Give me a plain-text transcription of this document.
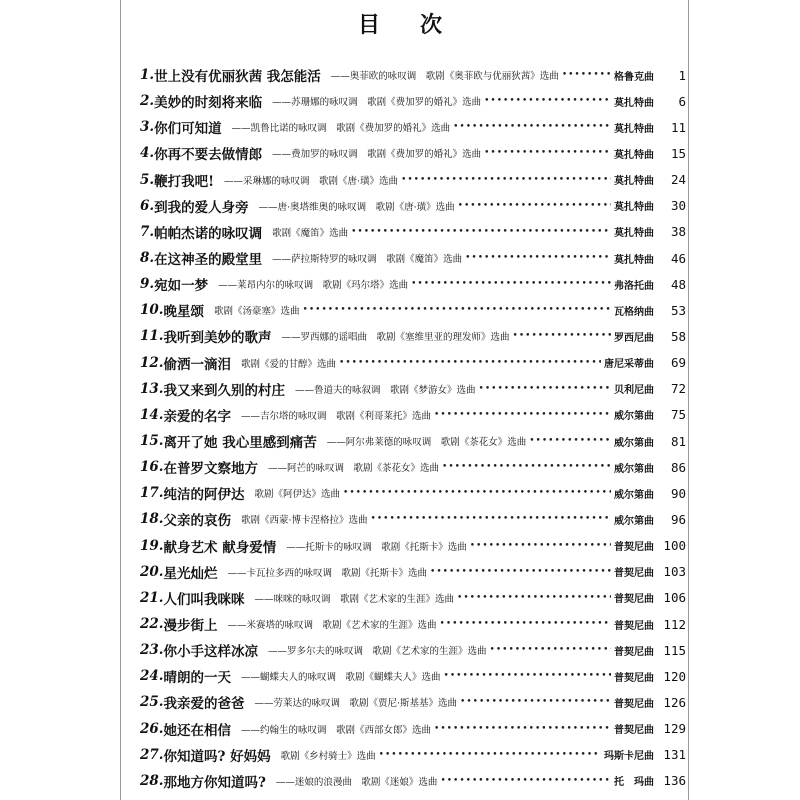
目次
1. 世上没有优丽狄茜 我怎能活 ——奥菲欧的咏叹调　歌剧《奥菲欧与优丽狄茜》选曲 •••••	格鲁克曲	1
2. 美妙的时刻将来临 ——苏珊娜的咏叹调　歌剧《费加罗的婚礼》选曲 •••••	莫扎特曲	6
3. 你们可知道 ——凯鲁比诺的咏叹调　歌剧《费加罗的婚礼》选曲 •••••	莫扎特曲	11
4. 你再不要去做情郎 ——费加罗的咏叹调　歌剧《费加罗的婚礼》选曲 •••••	莫扎特曲	15
5. 鞭打我吧! ——采琳娜的咏叹调　歌剧《唐·璜》选曲 •••••	莫扎特曲	24
6. 到我的爱人身旁 ——唐·奥塔维奥的咏叹调　歌剧《唐·璜》选曲 •••••	莫扎特曲	30
7. 帕帕杰诺的咏叹调 歌剧《魔笛》选曲 •••••	莫扎特曲	38
8. 在这神圣的殿堂里 ——萨拉斯特罗的咏叹调　歌剧《魔笛》选曲 •••••	莫扎特曲	46
9. 宛如一梦 ——莱昂内尔的咏叹调　歌剧《玛尔塔》选曲 •••••	弗洛托曲	48
10. 晚星颂 歌剧《汤豪塞》选曲 •••••	瓦格纳曲	53
11. 我听到美妙的歌声 ——罗西娜的谣唱曲　歌剧《塞维里亚的理发师》选曲 •••••	罗西尼曲	58
12. 偷洒一滴泪 歌剧《爱的甘醇》选曲 •••••	唐尼采蒂曲	69
13. 我又来到久别的村庄 ——鲁道夫的咏叙调　歌剧《梦游女》选曲 •••••	贝利尼曲	72
14. 亲爱的名字 ——吉尔塔的咏叹调　歌剧《利哥莱托》选曲 •••••	威尔第曲	75
15. 离开了她 我心里感到痛苦 ——阿尔弗莱德的咏叹调　歌剧《茶花女》选曲 •••••	威尔第曲	81
16. 在普罗文察地方 ——阿芒的咏叹调　歌剧《茶花女》选曲 •••••	威尔第曲	86
17. 纯洁的阿伊达 歌剧《阿伊达》选曲 •••••	威尔第曲	90
18. 父亲的哀伤 歌剧《西蒙·博卡涅格拉》选曲 •••••	威尔第曲	96
19. 献身艺术 献身爱情 ——托斯卡的咏叹调　歌剧《托斯卡》选曲 •••••	普契尼曲 100
20. 星光灿烂 ——卡瓦拉多西的咏叹调　歌剧《托斯卡》选曲 •••••	普契尼曲 103
21. 人们叫我咪咪 ——咪咪的咏叹调　歌剧《艺术家的生涯》选曲 •••••	普契尼曲 106
22. 漫步街上 ——米赛塔的咏叹调　歌剧《艺术家的生涯》选曲 •••••	普契尼曲 112
23. 你小手这样冰凉 ——罗多尔夫的咏叹调　歌剧《艺术家的生涯》选曲 •••••	普契尼曲 115
24. 晴朗的一天 ——蝴蝶夫人的咏叹调　歌剧《蝴蝶夫人》选曲 •••••	普契尼曲 120
25. 我亲爱的爸爸 ——劳莱达的咏叹调　歌剧《贾尼·斯基基》选曲 •••••	普契尼曲 126
26. 她还在相信 ——约翰生的咏叹调　歌剧《西部女郎》选曲 •••••	普契尼曲 129
27. 你知道吗? 好妈妈 歌剧《乡村骑士》选曲 •••••	玛斯卡尼曲 131
28. 那地方你知道吗? ——迷娘的浪漫曲　歌剧《迷娘》选曲 •••••	托　玛曲 136
